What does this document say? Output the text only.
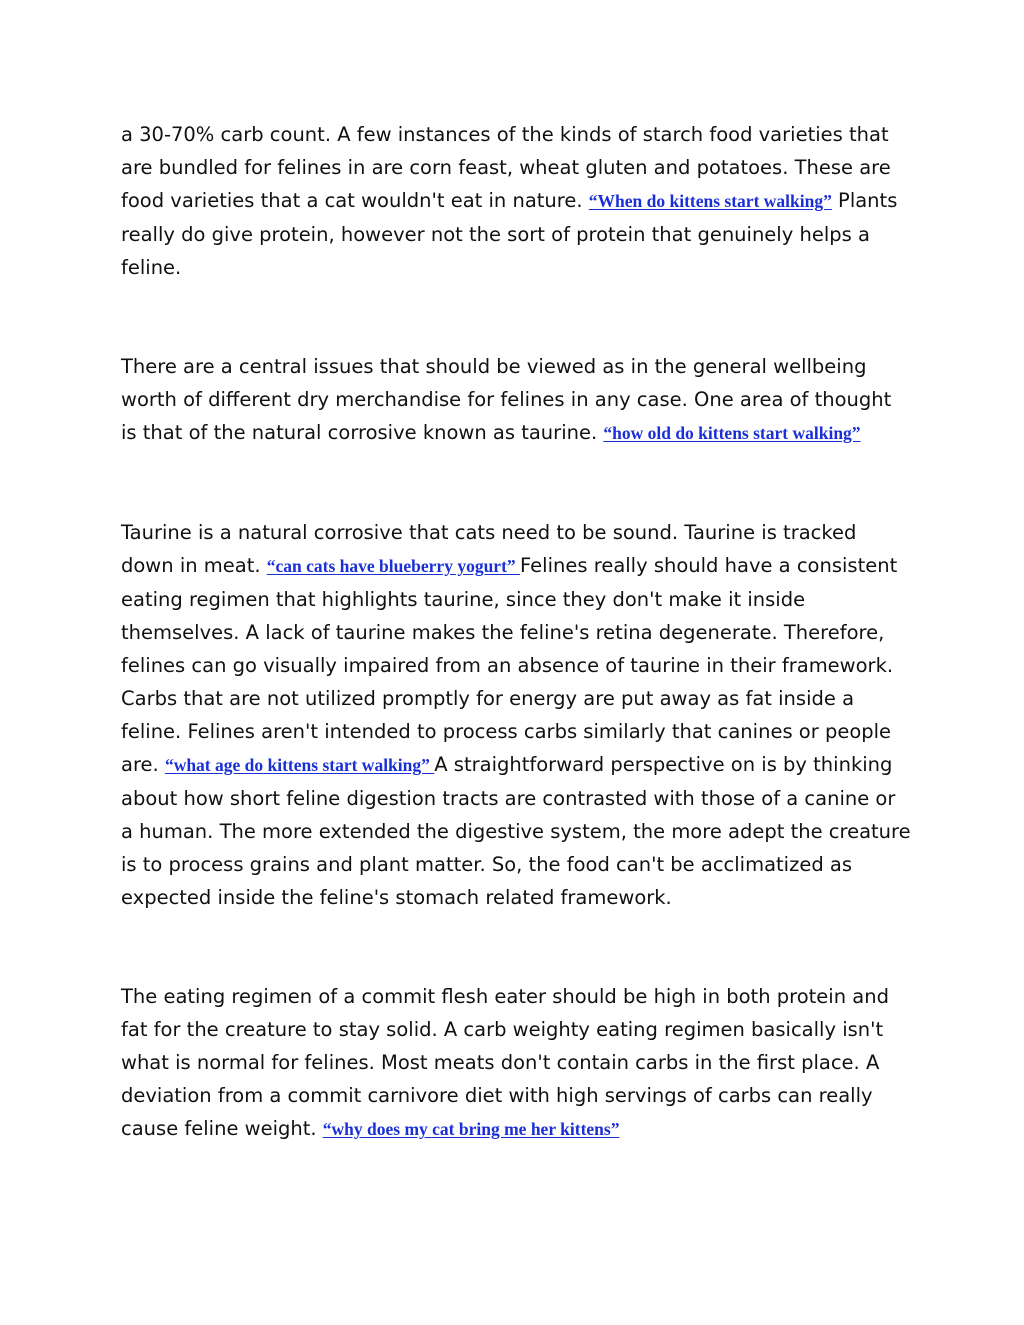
a 30-70% carb count. A few instances of the kinds of starch food varieties that are bundled for felines in are corn feast, wheat gluten and potatoes. These are food varieties that a cat wouldn't eat in nature. “When do kittens start walking” Plants really do give protein, however not the sort of protein that genuinely helps a feline.

There are a central issues that should be viewed as in the general wellbeing worth of different dry merchandise for felines in any case. One area of thought is that of the natural corrosive known as taurine. “how old do kittens start walking”

Taurine is a natural corrosive that cats need to be sound. Taurine is tracked down in meat. “can cats have blueberry yogurt” Felines really should have a consistent eating regimen that highlights taurine, since they don't make it inside themselves. A lack of taurine makes the feline's retina degenerate. Therefore, felines can go visually impaired from an absence of taurine in their framework. Carbs that are not utilized promptly for energy are put away as fat inside a feline. Felines aren't intended to process carbs similarly that canines or people are. “what age do kittens start walking” A straightforward perspective on is by thinking about how short feline digestion tracts are contrasted with those of a canine or a human. The more extended the digestive system, the more adept the creature is to process grains and plant matter. So, the food can't be acclimatized as expected inside the feline's stomach related framework.

The eating regimen of a commit flesh eater should be high in both protein and fat for the creature to stay solid. A carb weighty eating regimen basically isn't what is normal for felines. Most meats don't contain carbs in the first place. A deviation from a commit carnivore diet with high servings of carbs can really cause feline weight. “why does my cat bring me her kittens”
